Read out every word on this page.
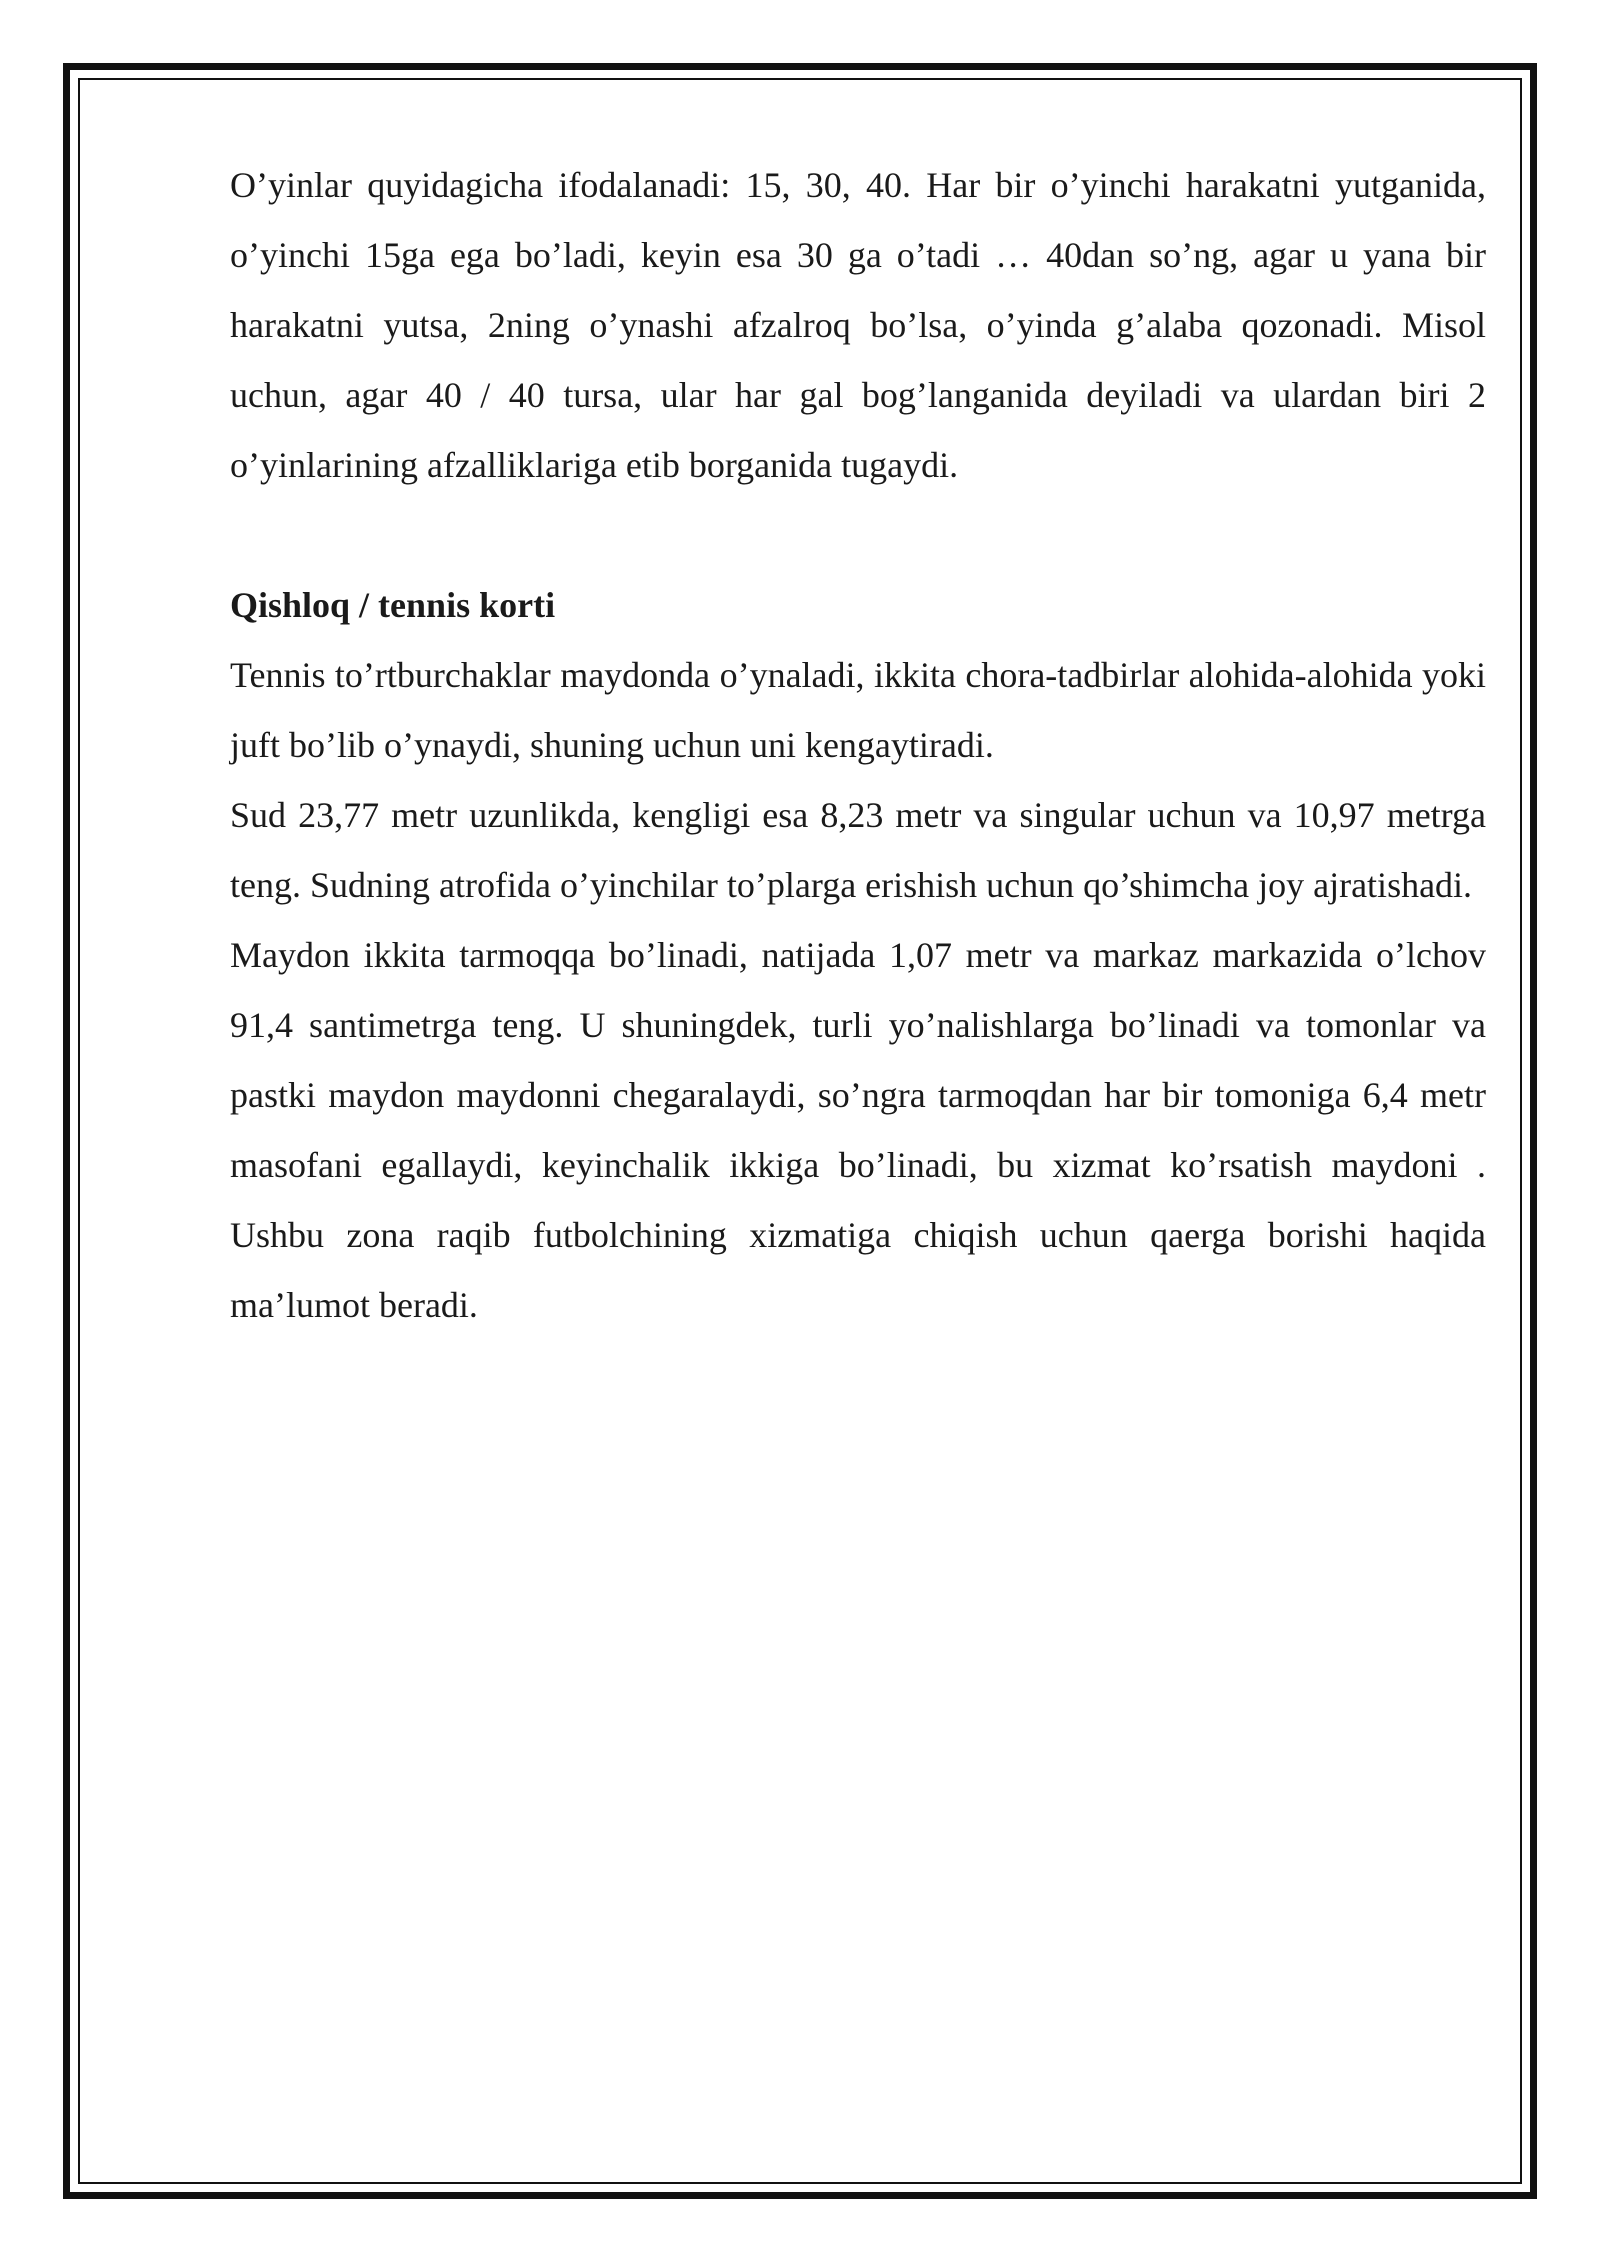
O’yinlar quyidagicha ifodalanadi: 15, 30, 40. Har bir o’yinchi harakatni yutganida, o’yinchi 15ga ega bo’ladi, keyin esa 30 ga o’tadi … 40dan so’ng, agar u yana bir harakatni yutsa, 2ning o’ynashi afzalroq bo’lsa, o’yinda g’alaba qozonadi. Misol uchun, agar 40 / 40 tursa, ular har gal bog’langanida deyiladi va ulardan biri 2 o’yinlarining afzalliklariga etib borganida tugaydi.

Qishloq / tennis korti

Tennis to’rtburchaklar maydonda o’ynaladi, ikkita chora-tadbirlar alohida-alohida yoki juft bo’lib o’ynaydi, shuning uchun uni kengaytiradi.

Sud 23,77 metr uzunlikda, kengligi esa 8,23 metr va singular uchun va 10,97 metrga teng. Sudning atrofida o’yinchilar to’plarga erishish uchun qo’shimcha joy ajratishadi.

Maydon ikkita tarmoqqa bo’linadi, natijada 1,07 metr va markaz markazida o’lchov 91,4 santimetrga teng. U shuningdek, turli yo’nalishlarga bo’linadi va tomonlar va pastki maydon maydonni chegaralaydi, so’ngra tarmoqdan har bir tomoniga 6,4 metr masofani egallaydi, keyinchalik ikkiga bo’linadi, bu xizmat ko’rsatish maydoni . Ushbu zona raqib futbolchining xizmatiga chiqish uchun qaerga borishi haqida ma’lumot beradi.
